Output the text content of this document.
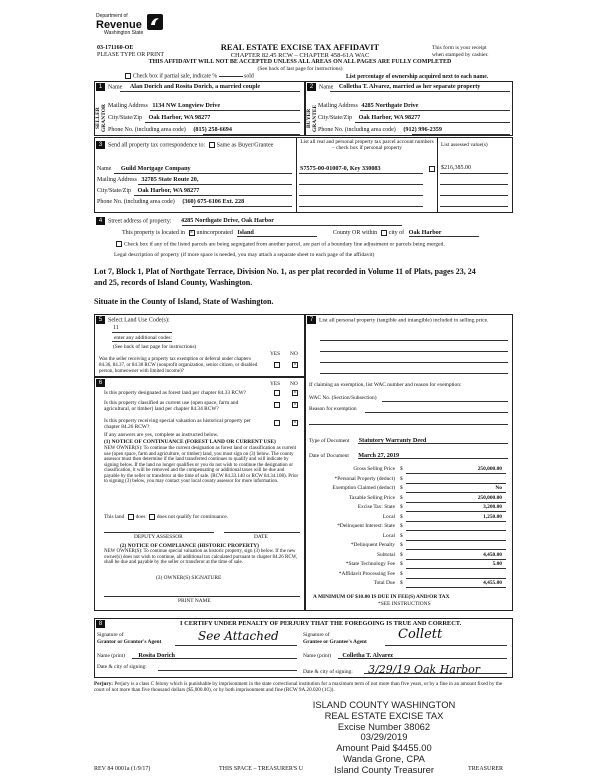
Department of
Revenue
Washington State
03-171160-OE
PLEASE TYPE OR PRINT
REAL ESTATE EXCISE TAX AFFIDAVIT
CHAPTER 82.45 RCW – CHAPTER 458-61A WAC
THIS AFFIDAVIT WILL NOT BE ACCEPTED UNLESS ALL AREAS ON ALL PAGES ARE FULLY COMPLETED
(See back of last page for instructions)
This form is your receipt
when stamped by cashier.
Check box if partial sale, indicate %	sold	List percentage of ownership acquired next to each name.
SELLER GRANTOR	BUYER GRANTEE
1 Name Alan Dorich and Rosita Dorich, a married couple
Mailing Address 1134 NW Longview Drive
City/State/Zip Oak Harbor, WA 98277
Phone No. (including area code) (815) 258-6694
2 Name Colletha T. Alvarez, married as her separate property
Mailing Address 4285 Northgate Drive
City/State/Zip Oak Harbor, WA 98277
Phone No. (including area code) (912) 996-2359
3 Send all property tax correspondence to: Same as Buyer/Grantee
List all real and personal property tax parcel account numbers – check box if personal property
List assessed value(s)
Name Guild Mortgage Company
Mailing Address 32785 State Route 20,
City/State/Zip Oak Harbor, WA 98277
Phone No. (including area code) (360) 675-6106 Ext. 228
S7575-00-01007-0, Key 330083	$216,385.00
4 Street address of property: 4285 Northgate Drive, Oak Harbor
This property is located in × unincorporated Island	County OR within city of Oak Harbor
Check box if any of the listed parcels are being segregated from another parcel, are part of a boundary line adjustment or parcels being merged.
Legal description of property (if more space is needed, you may attach a separate sheet to each page of the affidavit)
Lot 7, Block 1, Plat of Northgate Terrace, Division No. 1, as per plat recorded in Volume 11 of Plats, pages 23, 24
and 25, records of Island County, Washington.
Situate in the County of Island, State of Washington.
5 Select Land Use Code(s):
11
enter any additional codes:
(See back of last page for instructions)
YES NO
Was the seller receiving a property tax exemption or deferral under chapters 84.36, 84.37, or 84.38 RCW (nonprofit organization, senior citizen, or disabled person, homeowner with limited income)?
×
6	YES NO
Is this property designated as forest land per chapter 84.33 RCW?	×
Is this property classified as current use (open space, farm and agricultural, or timber) land per chapter 84.34 RCW?
×
Is this property receiving special valuation as historical property per chapter 84.26 RCW?
×
If any answers are yes, complete as instructed below.
(1) NOTICE OF CONTINUANCE (FOREST LAND OR CURRENT USE)
NEW OWNER(S): To continue the current designation as forest land or classification as current use (open space, farm and agriculture, or timber) land, you must sign on (3) below. The county assessor must then determine if the land transferred continues to qualify and will indicate by signing below. If the land no longer qualifies or you do not wish to continue the designation or classification, it will be removed and the compensating or additional taxes will be due and payable by the seller or transferor at the time of sale. (RCW 84.33.140 or RCW 84.34.108). Prior to signing (3) below, you may contact your local county assessor for more information.
This land does does not qualify for continuance.
DEPUTY ASSESSOR	DATE
(2) NOTICE OF COMPLIANCE (HISTORIC PROPERTY)
NEW OWNER(S): To continue special valuation as historic property, sign (3) below. If the new owner(s) does not wish to continue, all additional tax calculated pursuant to chapter 84.26 RCW, shall be due and payable by the seller or transferor at the time of sale.
(3) OWNER(S) SIGNATURE
PRINT NAME
7 List all personal property (tangible and intangible) included in selling price.
If claiming an exemption, list WAC number and reason for exemption:
WAC No. (Section/Subsection)
Reason for exemption
Type of Document Statutory Warranty Deed
Date of Document March 27, 2019
Gross Selling Price $	250,000.00
*Personal Property (deduct) $
Exemption Claimed (deduct) $	No
Taxable Selling Price $	250,000.00
Excise Tax: State $	3,200.00
Local $	1,250.00
*Delinquent Interest: State $
Local $
*Delinquent Penalty $
Subtotal $	4,450.00
*State Technology Fee $	5.00
*Affidavit Processing Fee $
Total Due $	4,455.00
A MINIMUM OF $10.00 IS DUE IN FEE(S) AND/OR TAX
*SEE INSTRUCTIONS
8	I CERTIFY UNDER PENALTY OF PERJURY THAT THE FOREGOING IS TRUE AND CORRECT.
Signature of
Grantor or Grantor's Agent	See Attached
Name (print) Rosita Dorich
Date & city of signing:
Signature of
Grantee or Grantee's Agent Collett
Name (print) Colletha T. Alvarez
Date & city of signing: 3/29/19 Oak Harbor
Perjury: Perjury is a class C felony which is punishable by imprisonment in the state correctional institution for a maximum term of not more than five years, or by a fine in an amount fixed by the court of not more than five thousand dollars ($5,000.00), or by both imprisonment and fine (RCW 9A.20.020 (1C)).
REV 84 0001a (1/9/17)	THIS SPACE – TREASURER'S U	TREASURER
ISLAND COUNTY WASHINGTON
REAL ESTATE EXCISE TAX
Excise Number 38062
03/29/2019
Amount Paid $4455.00
Wanda Grone, CPA
Island County Treasurer
